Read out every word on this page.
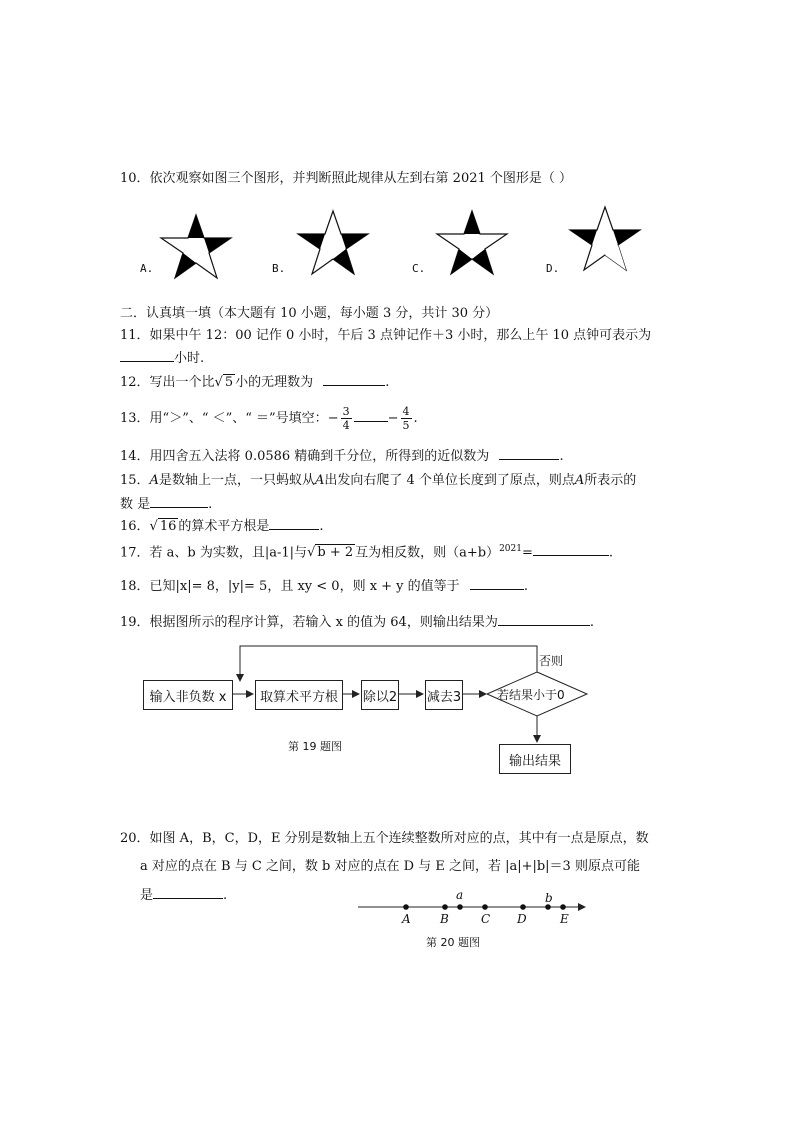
10．依次观察如图三个图形，并判断照此规律从左到右第 2021 个图形是（ ）
A.	B.	C.	D.
二．认真填一填（本大题有 10 小题，每小题 3 分，共计 30 分）
11．如果中午 12：00 记作 0 小时，午后 3 点钟记作＋3 小时，那么上午 10 点钟可表示为
小时.
12．写出一个比√ 5 小的无理数为	.
13．用“＞”、“ ＜”、“ ＝”号填空：− $\frac{3}{4}$	− $\frac{4}{5}$ .
14．用四舍五入法将 0.0586 精确到千分位，所得到的近似数为	.
15．A是数轴上一点，一只蚂蚁从A出发向右爬了 4 个单位长度到了原点，则点A所表示的
数 是	.
16．√ 16 的算术平方根是	.
17．若 a、b 为实数，且|a-1|与√ b + 2 互为相反数，则$(a+b)^{2021}=$	.
18．已知|x|= 8，|y|= 5，且 xy < 0，则 x + y 的值等于	.
19．根据图所示的程序计算，若输入 x 的值为 64，则输出结果为	.
输入非负数 x	取算术平方根 除以2 减去3	若结果小于0
否则
输出结果
第 19 题图
20．如图 A，B，C，D，E 分别是数轴上五个连续整数所对应的点，其中有一点是原点，数
a 对应的点在 B 与 C 之间，数 b 对应的点在 D 与 E 之间，若 |a|+|b|＝3 则原点可能
是	.
A B	C D	E
a	b
第 20 题图
